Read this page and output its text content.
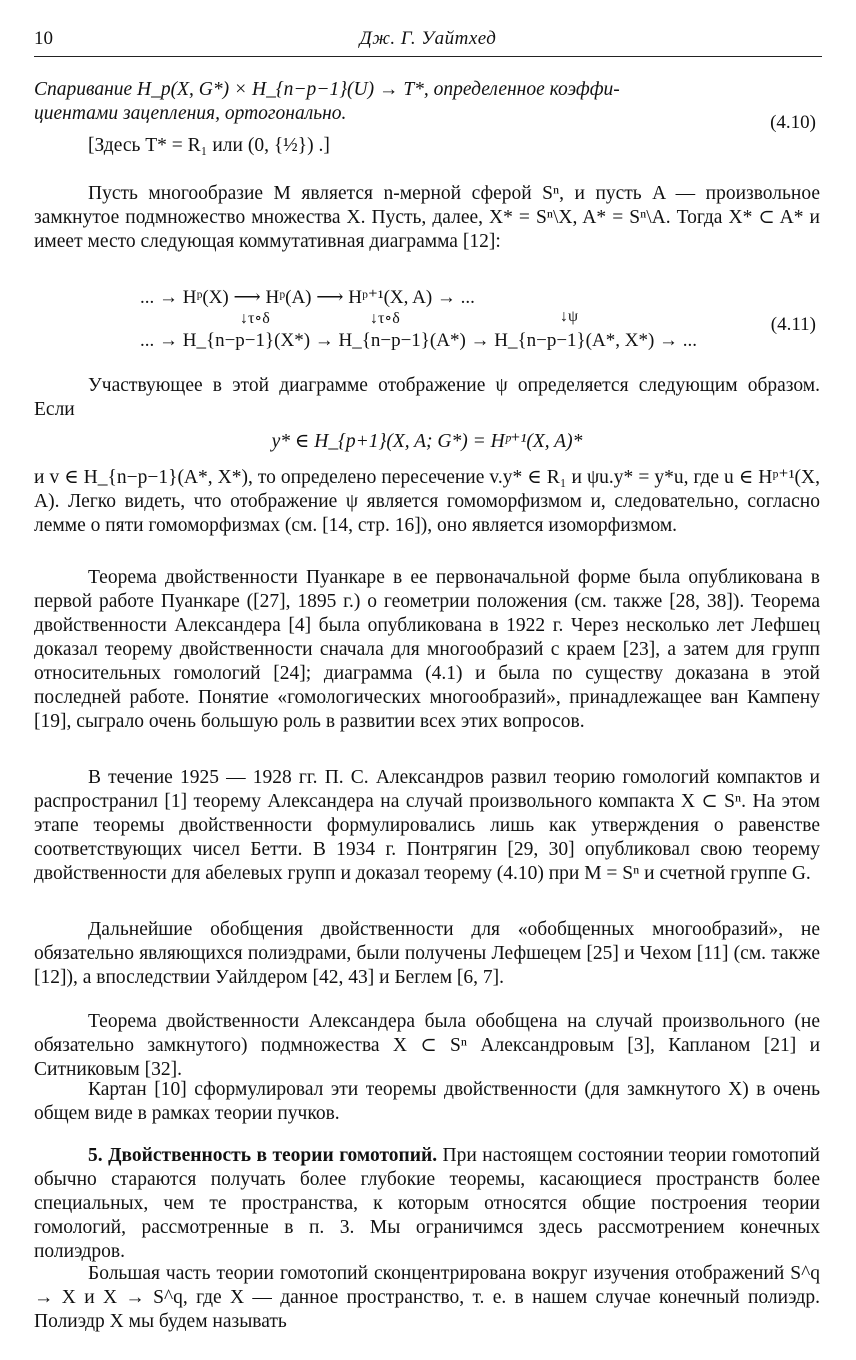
10	Дж. Г. Уайтхед
Спаривание H_p(X, G*) × H_{n−p−1}(U) → T*, определенное коэффи-
циентами зацепления, ортогонально.
[Здесь T* = R₁ или (0, {½}) .]
(4.10)
Пусть многообразие M является n-мерной сферой Sⁿ, и пусть A — произвольное замкнутое подмножество множества X. Пусть, далее, X* = Sⁿ\X, A* = Sⁿ\A. Тогда X* ⊂ A* и имеет место следующая коммутативная диаграмма [12]:
... → Hᵖ(X) ⟶ Hᵖ(A) ⟶ Hᵖ⁺¹(X, A) → ...
↓τ∘δ	↓τ∘δ	↓ψ
... → H_{n−p−1}(X*) → H_{n−p−1}(A*) → H_{n−p−1}(A*, X*) → ...
(4.11)
Участвующее в этой диаграмме отображение ψ определяется следующим образом. Если
y* ∈ H_{p+1}(X, A; G*) = Hᵖ⁺¹(X, A)*
и v ∈ H_{n−p−1}(A*, X*), то определено пересечение v.y* ∈ R₁ и ψu.y* = y*u, где u ∈ Hᵖ⁺¹(X, A). Легко видеть, что отображение ψ является гомоморфизмом и, следовательно, согласно лемме о пяти гомоморфизмах (см. [14, стр. 16]), оно является изоморфизмом.
Теорема двойственности Пуанкаре в ее первоначальной форме была опубликована в первой работе Пуанкаре ([27], 1895 г.) о геометрии положения (см. также [28, 38]). Теорема двойственности Александера [4] была опубликована в 1922 г. Через несколько лет Лефшец доказал теорему двойственности сначала для многообразий с краем [23], а затем для групп относительных гомологий [24]; диаграмма (4.1) и была по существу доказана в этой последней работе. Понятие «гомологических многообразий», принадлежащее ван Кампену [19], сыграло очень большую роль в развитии всех этих вопросов.
В течение 1925 — 1928 гг. П. С. Александров развил теорию гомологий компактов и распространил [1] теорему Александера на случай произвольного компакта X ⊂ Sⁿ. На этом этапе теоремы двойственности формулировались лишь как утверждения о равенстве соответствующих чисел Бетти. В 1934 г. Понтрягин [29, 30] опубликовал свою теорему двойственности для абелевых групп и доказал теорему (4.10) при M = Sⁿ и счетной группе G.
Дальнейшие обобщения двойственности для «обобщенных многообразий», не обязательно являющихся полиэдрами, были получены Лефшецем [25] и Чехом [11] (см. также [12]), а впоследствии Уайлдером [42, 43] и Беглем [6, 7].
Теорема двойственности Александера была обобщена на случай произвольного (не обязательно замкнутого) подмножества X ⊂ Sⁿ Александровым [3], Капланом [21] и Ситниковым [32].
Картан [10] сформулировал эти теоремы двойственности (для замкнутого X) в очень общем виде в рамках теории пучков.
5. Двойственность в теории гомотопий. При настоящем состоянии теории гомотопий обычно стараются получать более глубокие теоремы, касающиеся пространств более специальных, чем те пространства, к которым относятся общие построения теории гомологий, рассмотренные в п. 3. Мы ограничимся здесь рассмотрением конечных полиэдров.
Большая часть теории гомотопий сконцентрирована вокруг изучения отображений S^q → X и X → S^q, где X — данное пространство, т. е. в нашем случае конечный полиэдр. Полиэдр X мы будем называть
